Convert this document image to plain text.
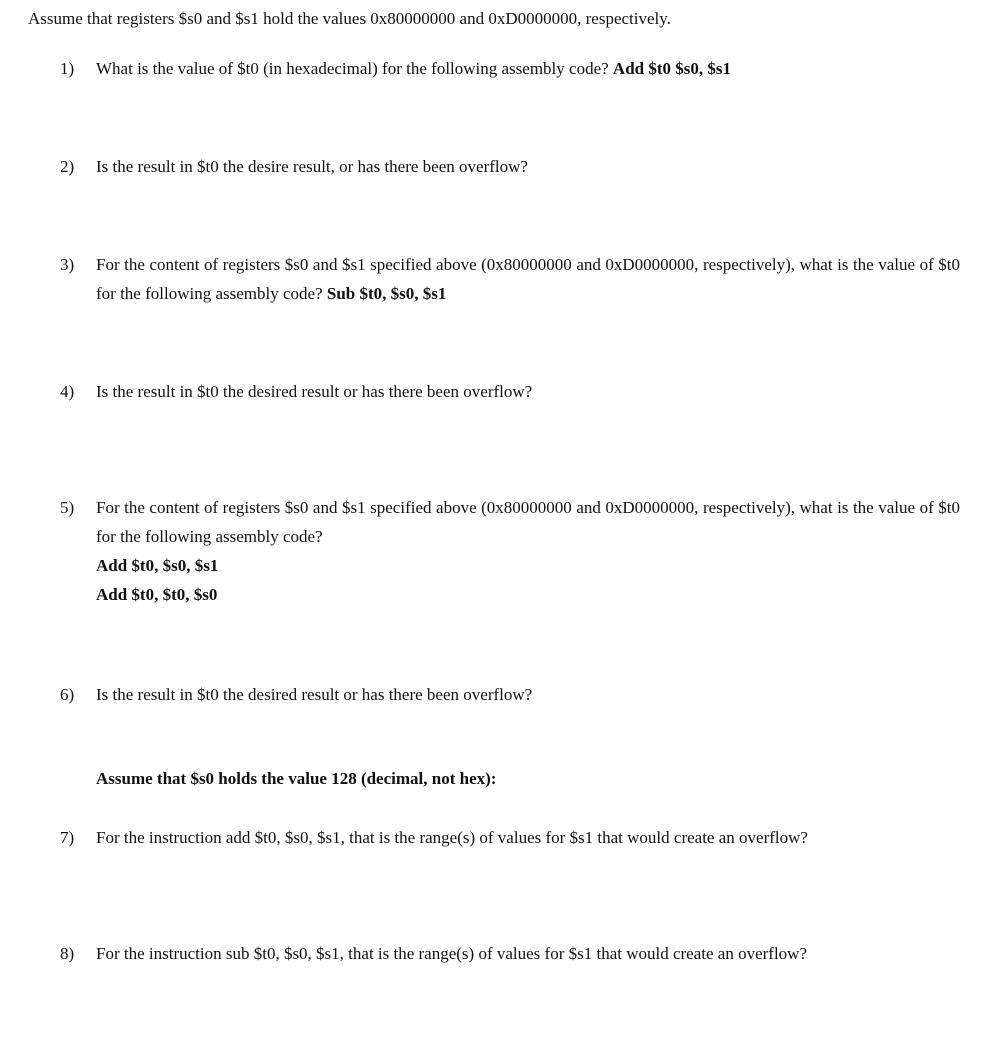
Assume that registers $s0 and $s1 hold the values 0x80000000 and 0xD0000000, respectively.
1)	What is the value of $t0 (in hexadecimal) for the following assembly code? Add $t0 $s0, $s1
2)	Is the result in $t0 the desire result, or has there been overflow?
3)	For the content of registers $s0 and $s1 specified above (0x80000000 and 0xD0000000, respectively), what is the value of $t0 for the following assembly code? Sub $t0, $s0, $s1
4)	Is the result in $t0 the desired result or has there been overflow?
5)	For the content of registers $s0 and $s1 specified above (0x80000000 and 0xD0000000, respectively), what is the value of $t0 for the following assembly code?
Add $t0, $s0, $s1
Add $t0, $t0, $s0
6)	Is the result in $t0 the desired result or has there been overflow?
Assume that $s0 holds the value 128 (decimal, not hex):
7)	For the instruction add $t0, $s0, $s1, that is the range(s) of values for $s1 that would create an overflow?
8)	For the instruction sub $t0, $s0, $s1, that is the range(s) of values for $s1 that would create an overflow?
